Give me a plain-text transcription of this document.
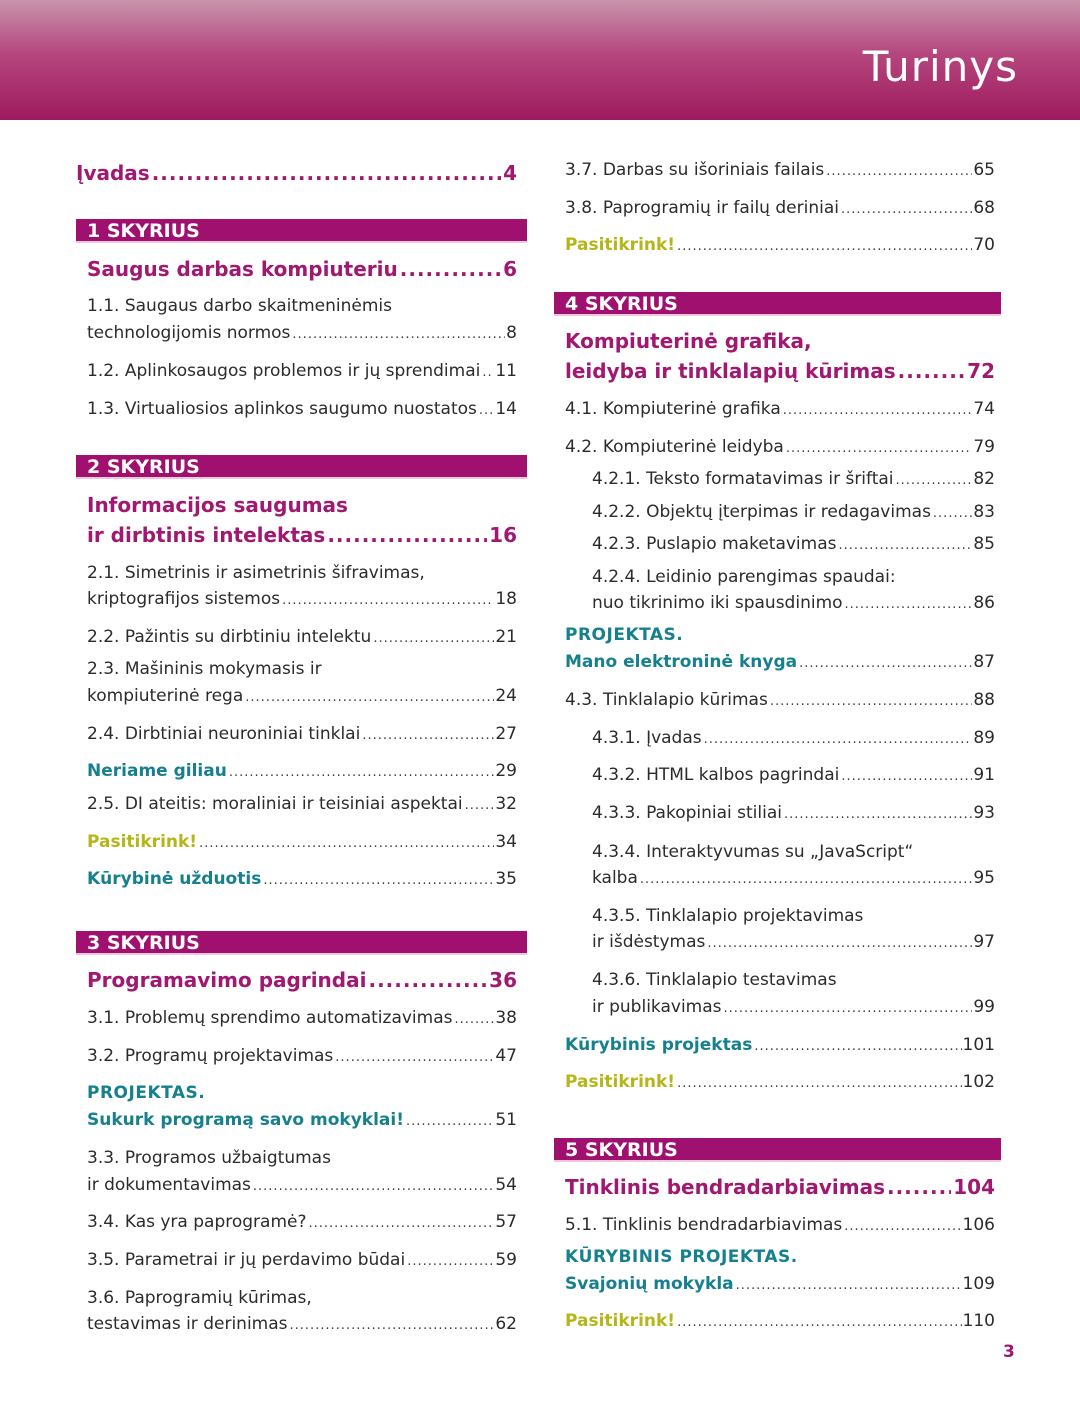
Turinys
Įvadas .....	4
1 SKYRIUS
Saugus darbas kompiuteriu .....	6
1.1. Saugaus darbo skaitmeninėmis
technologijomis normos .....	8
1.2. Aplinkosaugos problemos ir jų sprendimai ..... 11
1.3. Virtualiosios aplinkos saugumo nuostatos ..... 14
2 SKYRIUS
Informacijos saugumas
ir dirbtinis intelektas .....	16
2.1. Simetrinis ir asimetrinis šifravimas,
kriptografijos sistemos .....	18
2.2. Pažintis su dirbtiniu intelektu .....	21
2.3. Mašininis mokymasis ir
kompiuterinė rega .....	24
2.4. Dirbtiniai neuroniniai tinklai .....	27
Neriame giliau .....	29
2.5. DI ateitis: moraliniai ir teisiniai aspektai ..... 32
Pasitikrink! .....	34
Kūrybinė užduotis .....	35
3 SKYRIUS
Programavimo pagrindai .....	36
3.1. Problemų sprendimo automatizavimas .....	38
3.2. Programų projektavimas .....	47
PROJEKTAS.
Sukurk programą savo mokyklai! .....	51
3.3. Programos užbaigtumas
ir dokumentavimas .....	54
3.4. Kas yra paprogramė? .....	57
3.5. Parametrai ir jų perdavimo būdai .....	59
3.6. Paprogramių kūrimas,
testavimas ir derinimas .....	62
3.7. Darbas su išoriniais failais .....	65
3.8. Paprogramių ir failų deriniai .....	68
Pasitikrink! .....	70
4 SKYRIUS
Kompiuterinė grafika,
leidyba ir tinklalapių kūrimas .....	72
4.1. Kompiuterinė grafika .....	74
4.2. Kompiuterinė leidyba .....	79
4.2.1. Teksto formatavimas ir šriftai .....	82
4.2.2. Objektų įterpimas ir redagavimas ..... 83
4.2.3. Puslapio maketavimas .....	85
4.2.4. Leidinio parengimas spaudai:
nuo tikrinimo iki spausdinimo .....	86
PROJEKTAS.
Mano elektroninė knyga .....	87
4.3. Tinklalapio kūrimas .....	88
4.3.1. Įvadas .....	89
4.3.2. HTML kalbos pagrindai .....	91
4.3.3. Pakopiniai stiliai .....	93
4.3.4. Interaktyvumas su „JavaScript“
kalba .....	95
4.3.5. Tinklalapio projektavimas
ir išdėstymas .....	97
4.3.6. Tinklalapio testavimas
ir publikavimas .....	99
Kūrybinis projektas .....	101
Pasitikrink! .....	102
5 SKYRIUS
Tinklinis bendradarbiavimas .....	104
5.1. Tinklinis bendradarbiavimas .....	106
KŪRYBINIS PROJEKTAS.
Svajonių mokykla .....	109
Pasitikrink! .....	110
3
